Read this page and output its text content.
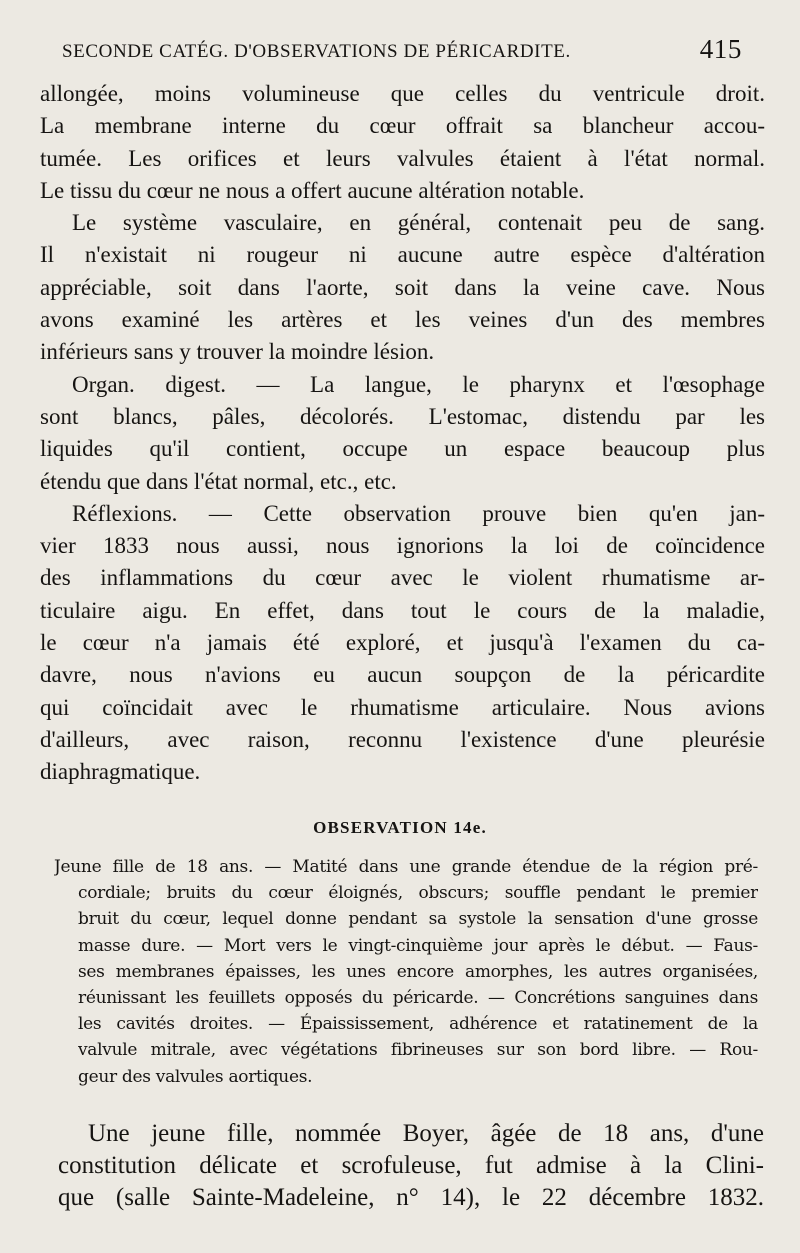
SECONDE CATÉG. D'OBSERVATIONS DE PÉRICARDITE.	415
allongée, moins volumineuse que celles du ventricule droit.
La membrane interne du cœur offrait sa blancheur accou-
tumée. Les orifices et leurs valvules étaient à l'état normal.
Le tissu du cœur ne nous a offert aucune altération notable.
Le système vasculaire, en général, contenait peu de sang.
Il n'existait ni rougeur ni aucune autre espèce d'altération
appréciable, soit dans l'aorte, soit dans la veine cave. Nous
avons examiné les artères et les veines d'un des membres
inférieurs sans y trouver la moindre lésion.
Organ. digest. — La langue, le pharynx et l'œsophage
sont blancs, pâles, décolorés. L'estomac, distendu par les
liquides qu'il contient, occupe un espace beaucoup plus
étendu que dans l'état normal, etc., etc.
Réflexions. — Cette observation prouve bien qu'en jan-
vier 1833 nous aussi, nous ignorions la loi de coïncidence
des inflammations du cœur avec le violent rhumatisme ar-
ticulaire aigu. En effet, dans tout le cours de la maladie,
le cœur n'a jamais été exploré, et jusqu'à l'examen du ca-
davre, nous n'avions eu aucun soupçon de la péricardite
qui coïncidait avec le rhumatisme articulaire. Nous avions
d'ailleurs, avec raison, reconnu l'existence d'une pleurésie
diaphragmatique.
OBSERVATION 14e.
Jeune fille de 18 ans. — Matité dans une grande étendue de la région pré-
cordiale; bruits du cœur éloignés, obscurs; souffle pendant le premier
bruit du cœur, lequel donne pendant sa systole la sensation d'une grosse
masse dure. — Mort vers le vingt-cinquième jour après le début. — Faus-
ses membranes épaisses, les unes encore amorphes, les autres organisées,
réunissant les feuillets opposés du péricarde. — Concrétions sanguines dans
les cavités droites. — Épaississement, adhérence et ratatinement de la
valvule mitrale, avec végétations fibrineuses sur son bord libre. — Rou-
geur des valvules aortiques.
Une jeune fille, nommée Boyer, âgée de 18 ans, d'une
constitution délicate et scrofuleuse, fut admise à la Clini-
que (salle Sainte-Madeleine, n° 14), le 22 décembre 1832.
